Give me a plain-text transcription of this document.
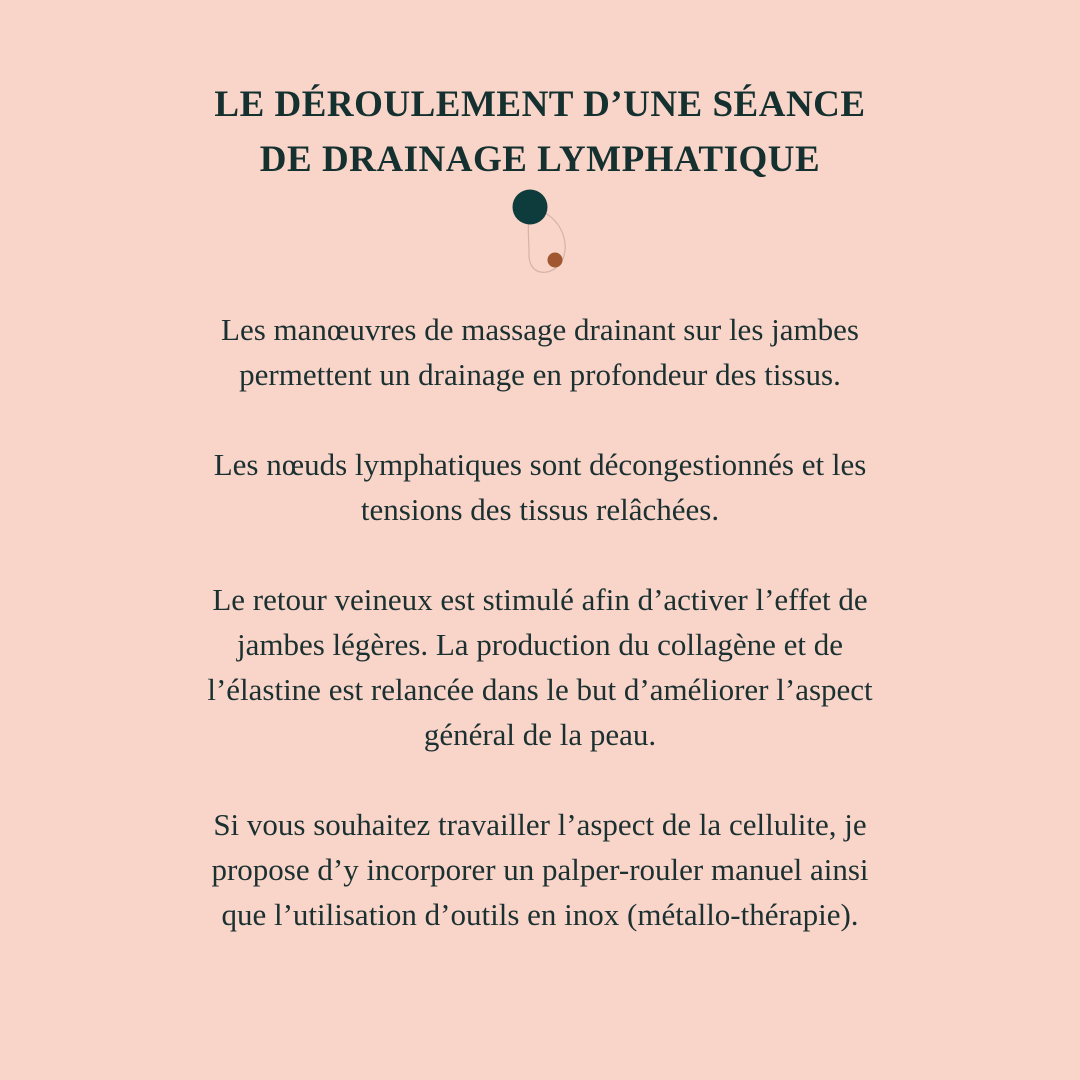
LE DÉROULEMENT D’UNE SÉANCE
DE DRAINAGE LYMPHATIQUE

Les manœuvres de massage drainant sur les jambes
permettent un drainage en profondeur des tissus.

Les nœuds lymphatiques sont décongestionnés et les
tensions des tissus relâchées.

Le retour veineux est stimulé afin d’activer l’effet de
jambes légères. La production du collagène et de
l’élastine est relancée dans le but d’améliorer l’aspect
général de la peau.

Si vous souhaitez travailler l’aspect de la cellulite, je
propose d’y incorporer un palper-rouler manuel ainsi
que l’utilisation d’outils en inox (métallo-thérapie).
